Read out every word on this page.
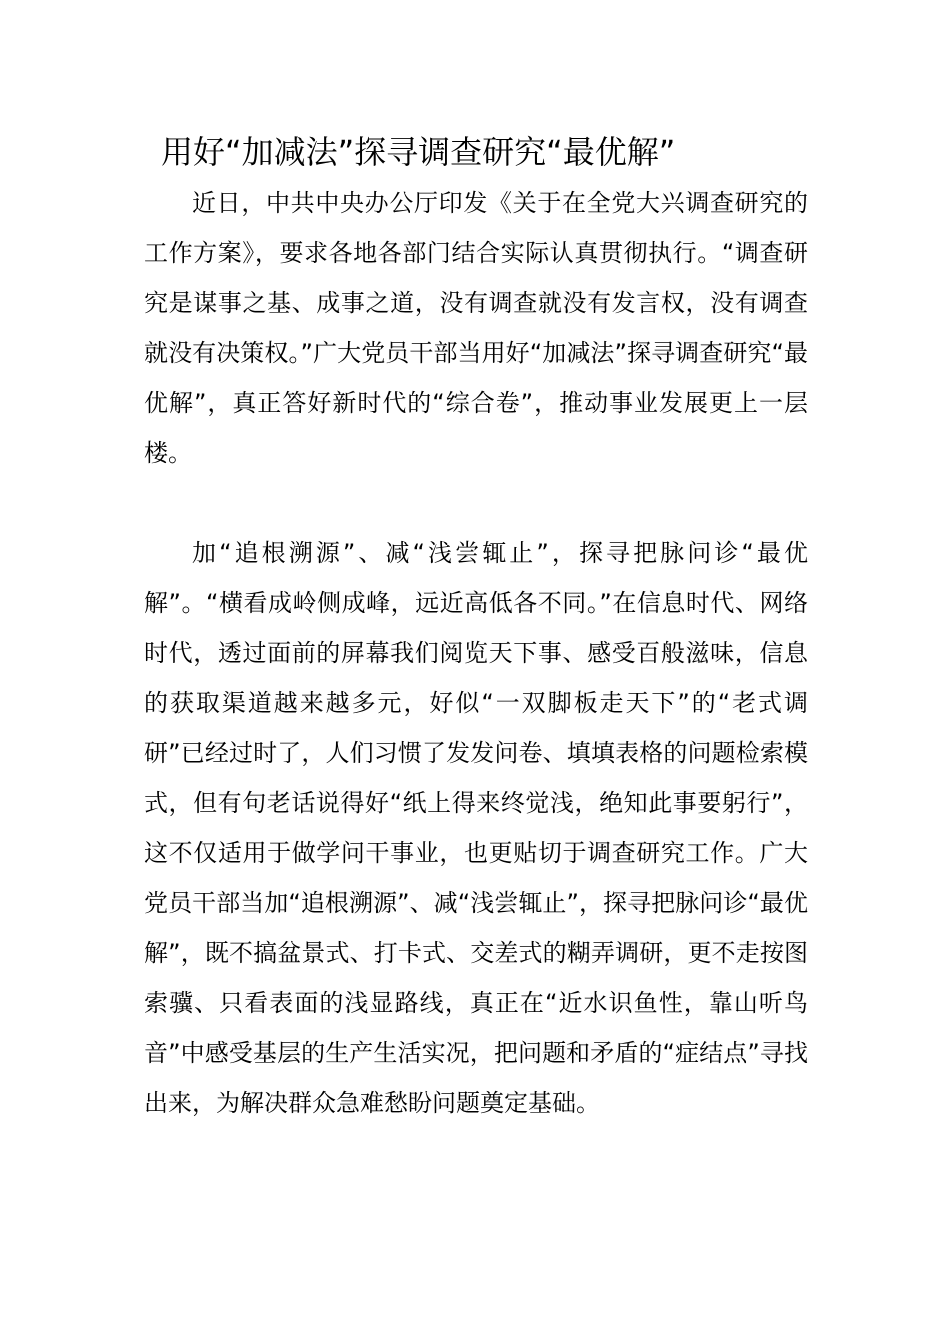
用好“加减法”探寻调查研究“最优解”

近日，中共中央办公厅印发《关于在全党大兴调查研究的工作方案》，要求各地各部门结合实际认真贯彻执行。“调查研究是谋事之基、成事之道，没有调查就没有发言权，没有调查就没有决策权。”广大党员干部当用好“加减法”探寻调查研究“最优解”，真正答好新时代的“综合卷”，推动事业发展更上一层楼。

加“追根溯源”、减“浅尝辄止”，探寻把脉问诊“最优解”。“横看成岭侧成峰，远近高低各不同。”在信息时代、网络时代，透过面前的屏幕我们阅览天下事、感受百般滋味，信息的获取渠道越来越多元，好似“一双脚板走天下”的“老式调研”已经过时了，人们习惯了发发问卷、填填表格的问题检索模式，但有句老话说得好“纸上得来终觉浅，绝知此事要躬行”，这不仅适用于做学问干事业，也更贴切于调查研究工作。广大党员干部当加“追根溯源”、减“浅尝辄止”，探寻把脉问诊“最优解”，既不搞盆景式、打卡式、交差式的糊弄调研，更不走按图索骥、只看表面的浅显路线，真正在“近水识鱼性，靠山听鸟音”中感受基层的生产生活实况，把问题和矛盾的“症结点”寻找出来，为解决群众急难愁盼问题奠定基础。
